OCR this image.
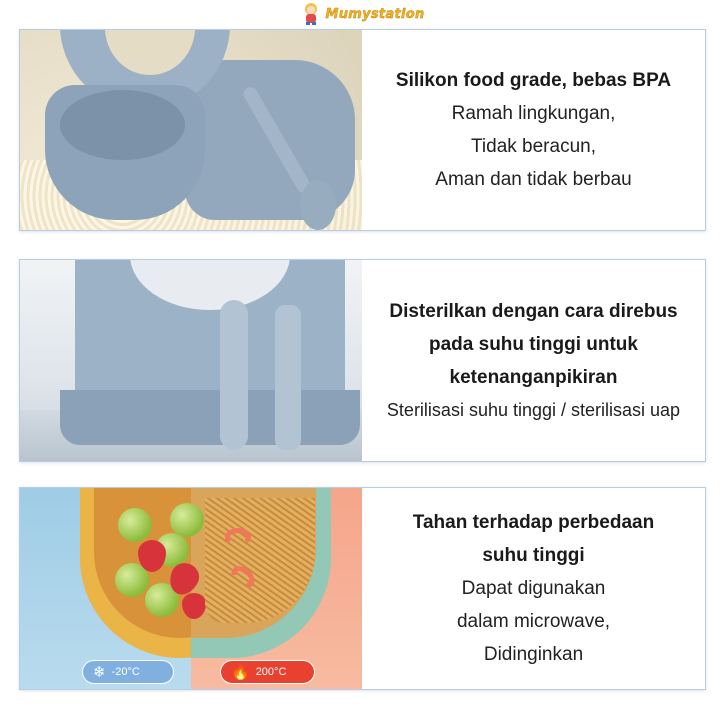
Mumystation
Silikon food grade, bebas BPA
Ramah lingkungan,
Tidak beracun,
Aman dan tidak berbau
Disterilkan dengan cara direbus
pada suhu tinggi untuk
ketenanganpikiran
Sterilisasi suhu tinggi / sterilisasi uap
❄ -20°C	🔥 200°C
Tahan terhadap perbedaan
suhu tinggi
Dapat digunakan
dalam microwave,
Didinginkan
